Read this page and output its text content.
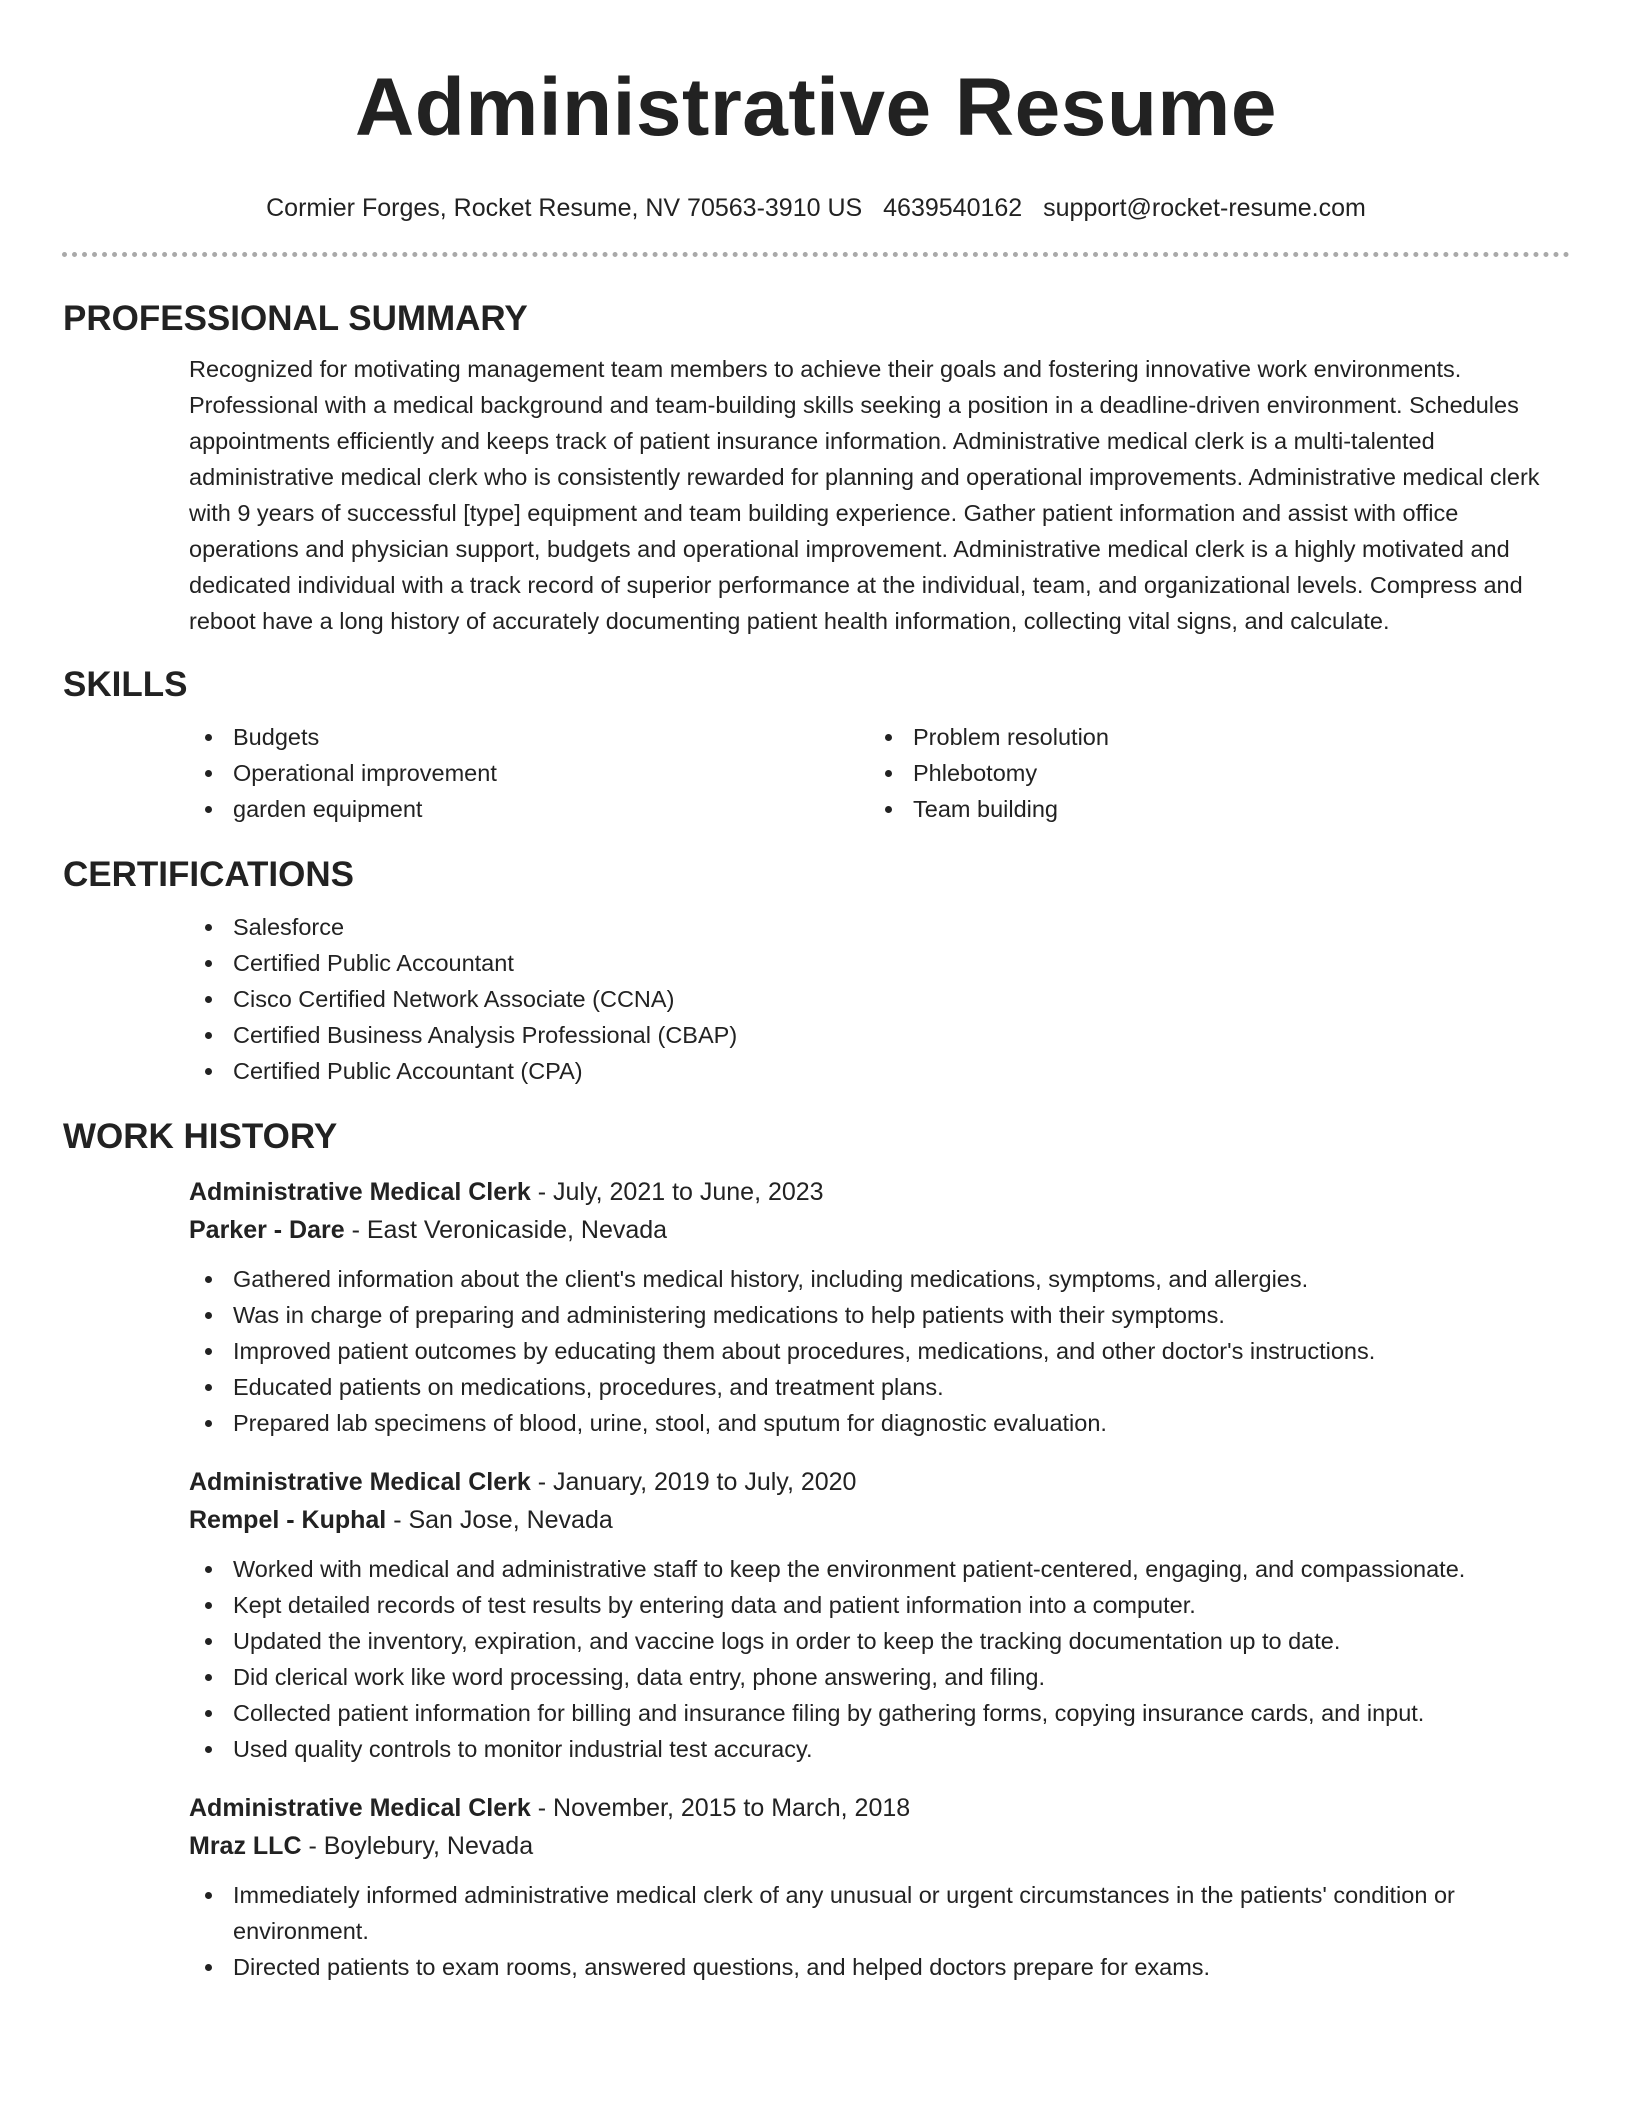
Administrative Resume
Cormier Forges, Rocket Resume, NV 70563-3910 US 4639540162 support@rocket-resume.com
PROFESSIONAL SUMMARY
Recognized for motivating management team members to achieve their goals and fostering innovative work environments. Professional with a medical background and team-building skills seeking a position in a deadline-driven environment. Schedules appointments efficiently and keeps track of patient insurance information. Administrative medical clerk is a multi-talented administrative medical clerk who is consistently rewarded for planning and operational improvements. Administrative medical clerk with 9 years of successful [type] equipment and team building experience. Gather patient information and assist with office operations and physician support, budgets and operational improvement. Administrative medical clerk is a highly motivated and dedicated individual with a track record of superior performance at the individual, team, and organizational levels. Compress and reboot have a long history of accurately documenting patient health information, collecting vital signs, and calculate.
SKILLS
Budgets
Operational improvement
garden equipment
Problem resolution
Phlebotomy
Team building
CERTIFICATIONS
Salesforce
Certified Public Accountant
Cisco Certified Network Associate (CCNA)
Certified Business Analysis Professional (CBAP)
Certified Public Accountant (CPA)
WORK HISTORY
Administrative Medical Clerk - July, 2021 to June, 2023
Parker - Dare - East Veronicaside, Nevada
Gathered information about the client's medical history, including medications, symptoms, and allergies.
Was in charge of preparing and administering medications to help patients with their symptoms.
Improved patient outcomes by educating them about procedures, medications, and other doctor's instructions.
Educated patients on medications, procedures, and treatment plans.
Prepared lab specimens of blood, urine, stool, and sputum for diagnostic evaluation.
Administrative Medical Clerk - January, 2019 to July, 2020
Rempel - Kuphal - San Jose, Nevada
Worked with medical and administrative staff to keep the environment patient-centered, engaging, and compassionate.
Kept detailed records of test results by entering data and patient information into a computer.
Updated the inventory, expiration, and vaccine logs in order to keep the tracking documentation up to date.
Did clerical work like word processing, data entry, phone answering, and filing.
Collected patient information for billing and insurance filing by gathering forms, copying insurance cards, and input.
Used quality controls to monitor industrial test accuracy.
Administrative Medical Clerk - November, 2015 to March, 2018
Mraz LLC - Boylebury, Nevada
Immediately informed administrative medical clerk of any unusual or urgent circumstances in the patients' condition or environment.
Directed patients to exam rooms, answered questions, and helped doctors prepare for exams.
